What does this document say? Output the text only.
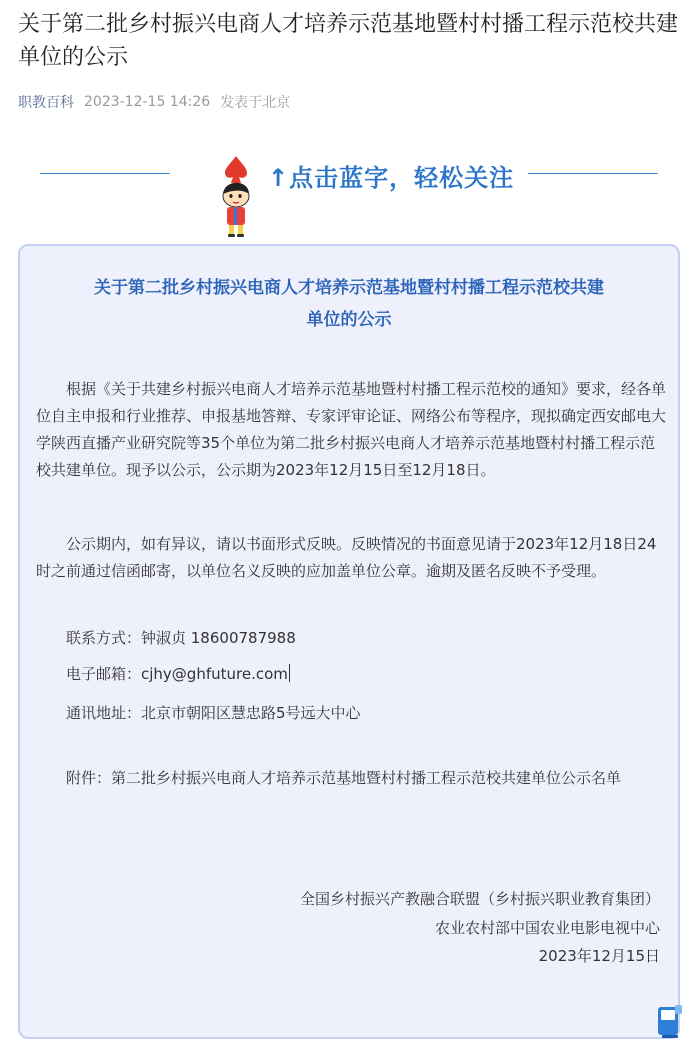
关于第二批乡村振兴电商人才培养示范基地暨村村播工程示范校共建单位的公示
职教百科 2023-12-15 14:26 发表于北京
↑点击蓝字，轻松关注
关于第二批乡村振兴电商人才培养示范基地暨村村播工程示范校共建
单位的公示

根据《关于共建乡村振兴电商人才培养示范基地暨村村播工程示范校的通知》要求，经各单位自主申报和行业推荐、申报基地答辩、专家评审论证、网络公布等程序，现拟确定西安邮电大学陕西直播产业研究院等35个单位为第二批乡村振兴电商人才培养示范基地暨村村播工程示范校共建单位。现予以公示，公示期为2023年12月15日至12月18日。

公示期内，如有异议，请以书面形式反映。反映情况的书面意见请于2023年12月18日24时之前通过信函邮寄，以单位名义反映的应加盖单位公章。逾期及匿名反映不予受理。

联系方式：钟淑贞 18600787988
电子邮箱：cjhy@ghfuture.com
通讯地址：北京市朝阳区慧忠路5号远大中心

附件：第二批乡村振兴电商人才培养示范基地暨村村播工程示范校共建单位公示名单

全国乡村振兴产教融合联盟（乡村振兴职业教育集团）
农业农村部中国农业电影电视中心
2023年12月15日
